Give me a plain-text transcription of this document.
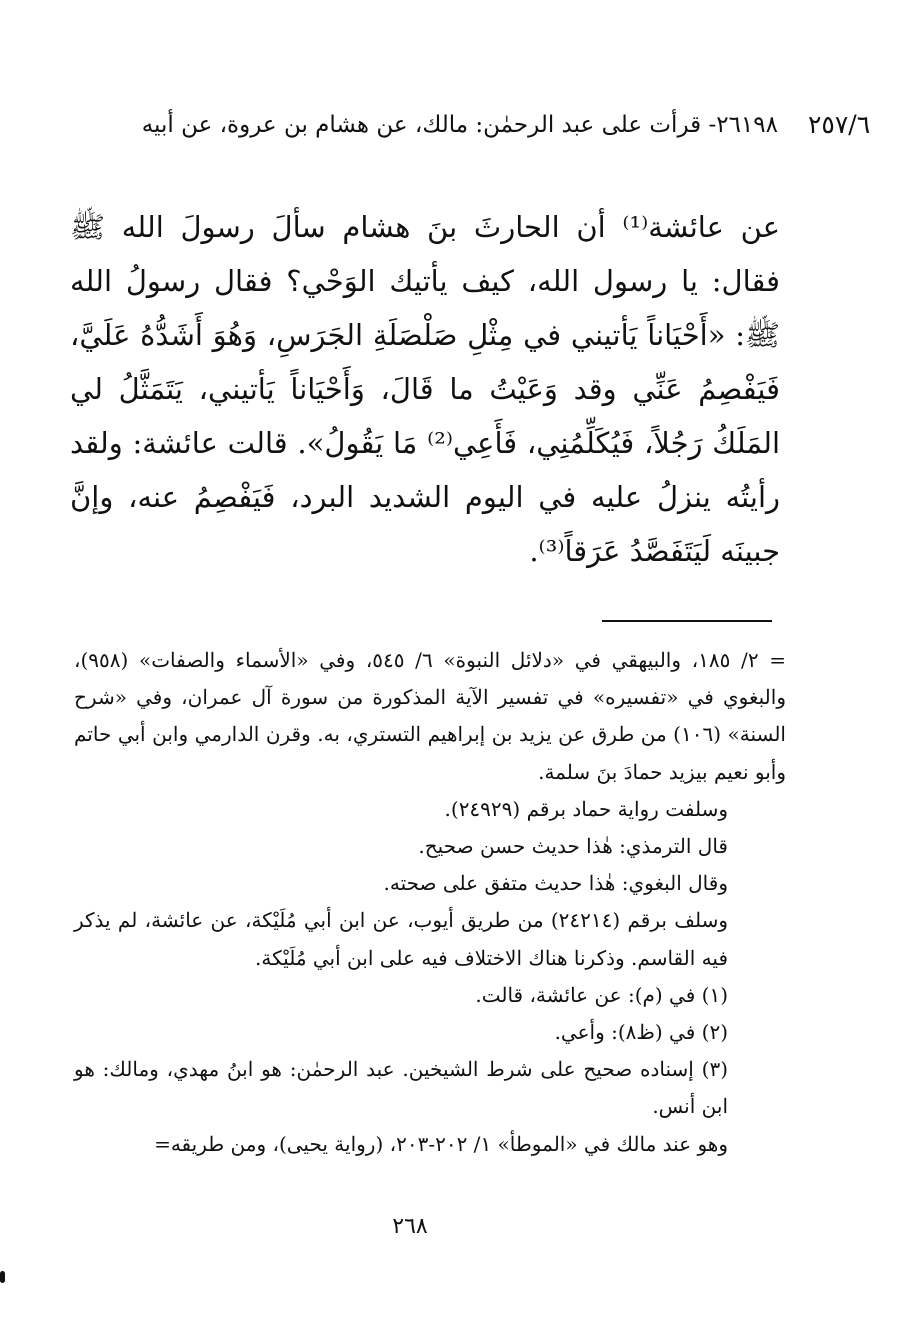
٢٥٧/٦

٢٦١٩٨- قرأت على عبد الرحمٰن: مالك، عن هشام بن عروة، عن أبيه

عن عائشة⁽¹⁾ أن الحارثَ بنَ هشام سألَ رسولَ الله ﷺ فقال: يا رسول الله، كيف يأتيك الوَحْي؟ فقال رسولُ الله ﷺ: «أَحْيَاناً يَأتيني في مِثْلِ صَلْصَلَةِ الجَرَسِ، وَهُوَ أَشَدُّهُ عَلَيَّ، فَيَفْصِمُ عَنِّي وقد وَعَيْتُ ما قَالَ، وَأَحْيَاناً يَأتيني، يَتَمَثَّلُ لي المَلَكُ رَجُلاً، فَيُكَلِّمُنِي، فَأَعِي⁽²⁾ مَا يَقُولُ». قالت عائشة: ولقد رأيتُه ينزلُ عليه في اليوم الشديد البرد، فَيَفْصِمُ عنه، وإنَّ جبينَه لَيَتَفَصَّدُ عَرَقاً⁽³⁾.

= ٢/ ١٨٥، والبيهقي في «دلائل النبوة» ٦/ ٥٤٥، وفي «الأسماء والصفات» (٩٥٨)، والبغوي في «تفسيره» في تفسير الآية المذكورة من سورة آل عمران، وفي «شرح السنة» (١٠٦) من طرق عن يزيد بن إبراهيم التستري، به. وقرن الدارمي وابن أبي حاتم وأبو نعيم بيزيد حمادَ بنَ سلمة.

وسلفت رواية حماد برقم (٢٤٩٢٩).

قال الترمذي: هٰذا حديث حسن صحيح.

وقال البغوي: هٰذا حديث متفق على صحته.

وسلف برقم (٢٤٢١٤) من طريق أيوب، عن ابن أبي مُلَيْكة، عن عائشة، لم يذكر فيه القاسم. وذكرنا هناك الاختلاف فيه على ابن أبي مُلَيْكة.

(١) في (م): عن عائشة، قالت.

(٢) في (ظ٨): وأعي.

(٣) إسناده صحيح على شرط الشيخين. عبد الرحمٰن: هو ابنُ مهدي، ومالك: هو ابن أنس.

وهو عند مالك في «الموطأ» ١/ ٢٠٢-٢٠٣، (رواية يحيى)، ومن طريقه=

٢٦٨
